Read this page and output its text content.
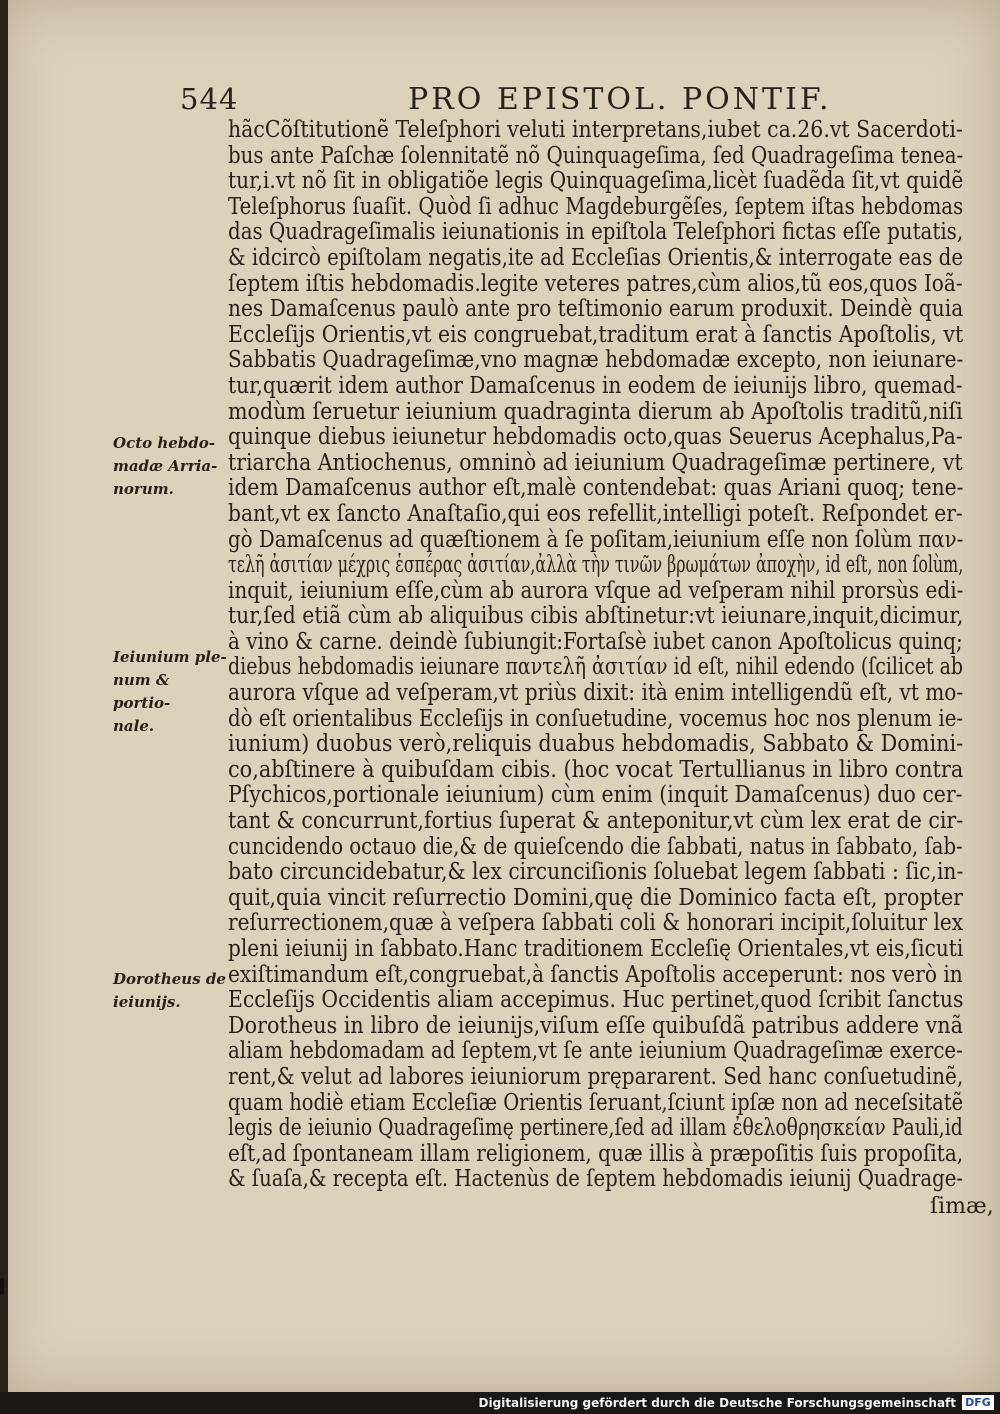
544	PRO EPISTOL. PONTIF.
Octo hebdo-
madæ Arria-
norum.
Ieiunium ple-
num & portio-
nale.
Dorotheus de
ieiunijs.
hãcCõſtitutionẽ Teleſphori veluti interpretans,iubet ca.26.vt Sacerdoti-
bus ante Paſchæ ſolennitatẽ nõ Quinquageſima, ſed Quadrageſima tenea-
tur,i.vt nõ ſit in obligatiõe legis Quinquageſima,licèt ſuadẽda ſit,vt quidẽ
Teleſphorus ſuaſit. Quòd ſi adhuc Magdeburgẽſes, ſeptem iſtas hebdomas
das Quadrageſimalis ieiunationis in epiſtola Teleſphori fictas eſſe putatis,
& idcircò epiſtolam negatis,ite ad Eccleſias Orientis,& interrogate eas de
ſeptem iſtis hebdomadis.legite veteres patres,cùm alios,tũ eos,quos Ioã-
nes Damaſcenus paulò ante pro teſtimonio earum produxit. Deindè quia
Eccleſijs Orientis,vt eis congruebat,traditum erat à ſanctis Apoſtolis, vt
Sabbatis Quadrageſimæ,vno magnæ hebdomadæ excepto, non ieiunare-
tur,quærit idem author Damaſcenus in eodem de ieiunijs libro, quemad-
modùm ſeruetur ieiunium quadraginta dierum ab Apoſtolis traditũ,niſi
quinque diebus ieiunetur hebdomadis octo,quas Seuerus Acephalus,Pa-
triarcha Antiochenus, omninò ad ieiunium Quadrageſimæ pertinere, vt
idem Damaſcenus author eſt,malè contendebat: quas Ariani quoq; tene-
bant,vt ex ſancto Anaſtaſio,qui eos refellit,intelligi poteſt. Reſpondet er-
gò Damaſcenus ad quæſtionem à ſe poſitam,ieiunium eſſe non ſolùm παν-
τελῆ ἀσιτίαν μέχρις ἑσπέρας ἀσιτίαν,ἀλλὰ τὴν τινῶν βρωμάτων ἀποχὴν, id eſt, non ſolùm,
inquit, ieiunium eſſe,cùm ab aurora vſque ad veſperam nihil prorsùs edi-
tur,ſed etiã cùm ab aliquibus cibis abſtinetur:vt ieiunare,inquit,dicimur,
à vino & carne. deindè ſubiungit:Fortaſsè iubet canon Apoſtolicus quinq;
diebus hebdomadis ieiunare παντελῆ ἀσιτίαν id eſt, nihil edendo (ſcilicet ab
aurora vſque ad veſperam,vt priùs dixit: ità enim intelligendũ eſt, vt mo-
dò eſt orientalibus Eccleſijs in conſuetudine, vocemus hoc nos plenum ie-
iunium) duobus verò,reliquis duabus hebdomadis, Sabbato & Domini-
co,abſtinere à quibuſdam cibis. (hoc vocat Tertullianus in libro contra
Pſychicos,portionale ieiunium) cùm enim (inquit Damaſcenus) duo cer-
tant & concurrunt,fortius ſuperat & anteponitur,vt cùm lex erat de cir-
cuncidendo octauo die,& de quieſcendo die ſabbati, natus in ſabbato, ſab-
bato circuncidebatur,& lex circunciſionis ſoluebat legem ſabbati : ſic,in-
quit,quia vincit reſurrectio Domini,quę die Dominico facta eſt, propter
reſurrectionem,quæ à veſpera ſabbati coli & honorari incipit,ſoluitur lex
pleni ieiunij in ſabbato.Hanc traditionem Eccleſię Orientales,vt eis,ſicuti
exiſtimandum eſt,congruebat,à ſanctis Apoſtolis acceperunt: nos verò in
Eccleſijs Occidentis aliam accepimus. Huc pertinet,quod ſcribit ſanctus
Dorotheus in libro de ieiunijs,viſum eſſe quibuſdã patribus addere vnã
aliam hebdomadam ad ſeptem,vt ſe ante ieiunium Quadrageſimæ exerce-
rent,& velut ad labores ieiuniorum prępararent. Sed hanc conſuetudinẽ,
quam hodiè etiam Eccleſiæ Orientis ſeruant,ſciunt ipſæ non ad neceſsitatẽ
legis de ieiunio Quadrageſimę pertinere,ſed ad illam ἐθελοθρησκείαν Pauli,id
eſt,ad ſpontaneam illam religionem, quæ illis à præpoſitis ſuis propoſita,
& ſuaſa,& recepta eſt. Hactenùs de ſeptem hebdomadis ieiunij Quadrage-
ſimæ,
Digitalisierung gefördert durch die Deutsche Forschungsgemeinschaft DFG
